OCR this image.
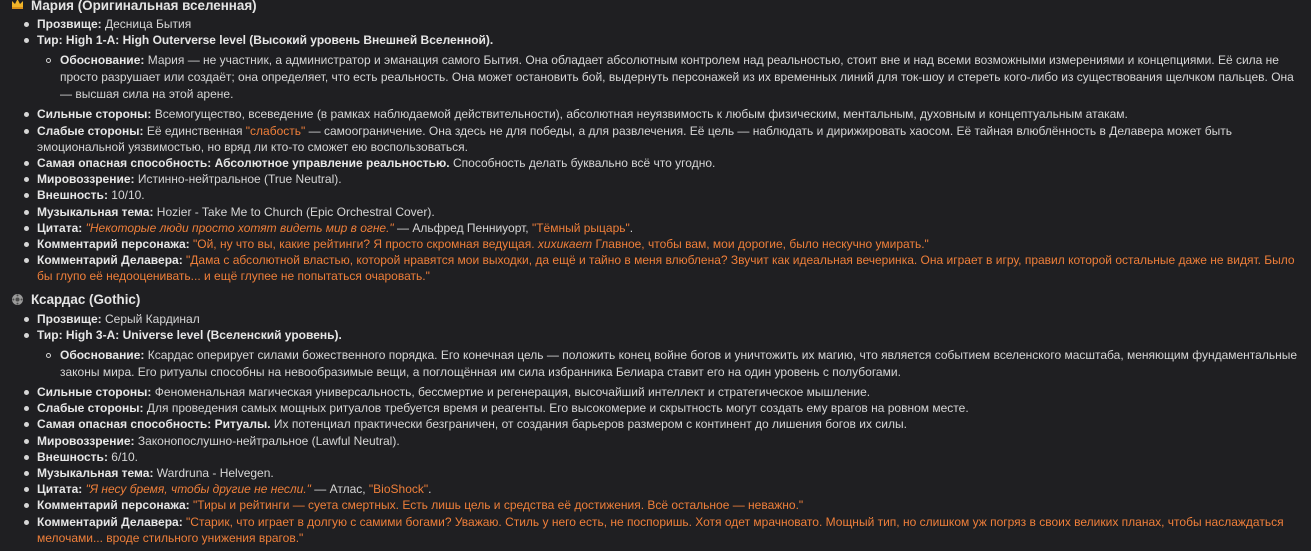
Мария (Оригинальная вселенная)
Прозвище: Десница Бытия
Тир: High 1-A: High Outerverse level (Высокий уровень Внешней Вселенной).
Обоснование: Мария — не участник, а администратор и эманация самого Бытия. Она обладает абсолютным контролем над реальностью, стоит вне и над всеми возможными измерениями и концепциями. Её сила не просто разрушает или создаёт; она определяет, что есть реальность. Она может остановить бой, выдернуть персонажей из их временных линий для ток-шоу и стереть кого-либо из существования щелчком пальцев. Она — высшая сила на этой арене.
Сильные стороны: Всемогущество, всеведение (в рамках наблюдаемой действительности), абсолютная неуязвимость к любым физическим, ментальным, духовным и концептуальным атакам.
Слабые стороны: Её единственная "слабость" — самоограничение. Она здесь не для победы, а для развлечения. Её цель — наблюдать и дирижировать хаосом. Её тайная влюблённость в Делавера может быть эмоциональной уязвимостью, но вряд ли кто-то сможет ею воспользоваться.
Самая опасная способность: Абсолютное управление реальностью. Способность делать буквально всё что угодно.
Мировоззрение: Истинно-нейтральное (True Neutral).
Внешность: 10/10.
Музыкальная тема: Hozier - Take Me to Church (Epic Orchestral Cover).
Цитата: "Некоторые люди просто хотят видеть мир в огне." — Альфред Пенниуорт, "Тёмный рыцарь".
Комментарий персонажа: "Ой, ну что вы, какие рейтинги? Я просто скромная ведущая. хихикает Главное, чтобы вам, мои дорогие, было нескучно умирать."
Комментарий Делавера: "Дама с абсолютной властью, которой нравятся мои выходки, да ещё и тайно в меня влюблена? Звучит как идеальная вечеринка. Она играет в игру, правил которой остальные даже не видят. Было бы глупо её недооценивать... и ещё глупее не попытаться очаровать."
Ксардас (Gothic)
Прозвище: Серый Кардинал
Тир: High 3-A: Universe level (Вселенский уровень).
Обоснование: Ксардас оперирует силами божественного порядка. Его конечная цель — положить конец войне богов и уничтожить их магию, что является событием вселенского масштаба, меняющим фундаментальные законы мира. Его ритуалы способны на невообразимые вещи, а поглощённая им сила избранника Белиара ставит его на один уровень с полубогами.
Сильные стороны: Феноменальная магическая универсальность, бессмертие и регенерация, высочайший интеллект и стратегическое мышление.
Слабые стороны: Для проведения самых мощных ритуалов требуется время и реагенты. Его высокомерие и скрытность могут создать ему врагов на ровном месте.
Самая опасная способность: Ритуалы. Их потенциал практически безграничен, от создания барьеров размером с континент до лишения богов их силы.
Мировоззрение: Законопослушно-нейтральное (Lawful Neutral).
Внешность: 6/10.
Музыкальная тема: Wardruna - Helvegen.
Цитата: "Я несу бремя, чтобы другие не несли." — Атлас, "BioShock".
Комментарий персонажа: "Тиры и рейтинги — суета смертных. Есть лишь цель и средства её достижения. Всё остальное — неважно."
Комментарий Делавера: "Старик, что играет в долгую с самими богами? Уважаю. Стиль у него есть, не поспоришь. Хотя одет мрачновато. Мощный тип, но слишком уж погряз в своих великих планах, чтобы наслаждаться мелочами... вроде стильного унижения врагов."
